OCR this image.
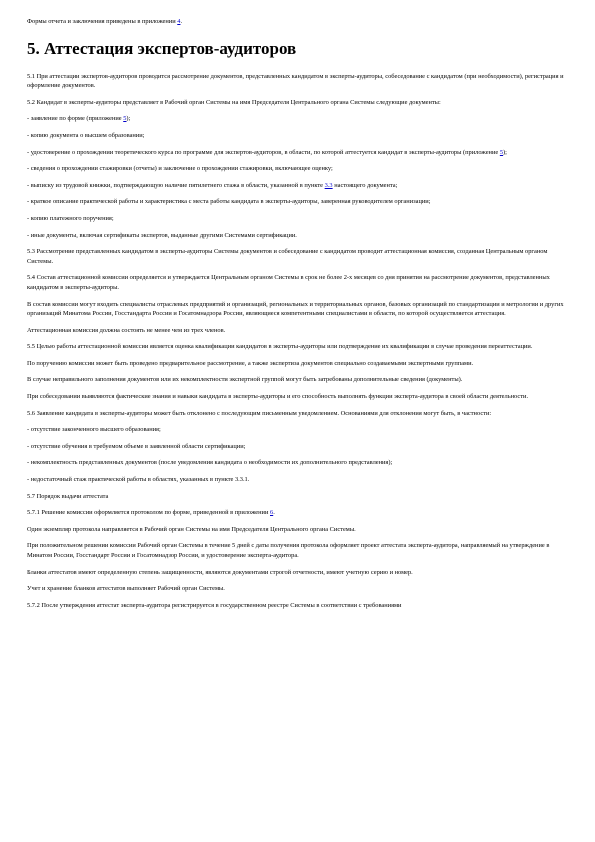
Формы отчета и заключения приведены в приложении 4.

5. Аттестация экспертов-аудиторов

5.1 При аттестации экспертов-аудиторов проводится рассмотрение документов, представленных кандидатом в эксперты-аудиторы, собеседование с кандидатом (при необходимости), регистрация и оформление документов.

5.2 Кандидат в эксперты-аудиторы представляет в Рабочий орган Системы на имя Председателя Центрального органа Системы следующие документы:

- заявление по форме (приложение 5);

- копию документа о высшем образовании;

- удостоверение о прохождении теоретического курса по программе для экспертов-аудиторов, в области, по которой аттестуется кандидат в эксперты-аудиторы (приложение 5);

- сведения о прохождении стажировки (отчеты) и заключение о прохождении стажировки, включающее оценку;

- выписку из трудовой книжки, подтверждающую наличие пятилетнего стажа в области, указанной в пункте 3.3 настоящего документа;

- краткое описание практической работы и характеристика с места работы кандидата в эксперты-аудиторы, заверенная руководителем организации;

- копию платежного поручения;

- иные документы, включая сертификаты экспертов, выданные другими Системами сертификации.

5.3 Рассмотрение представленных кандидатом в эксперты-аудиторы Системы документов и собеседование с кандидатом проводит аттестационная комиссия, созданная Центральным органом Системы.

5.4 Состав аттестационной комиссии определяется и утверждается Центральным органом Системы в срок не более 2-х месяцев со дня принятия на рассмотрение документов, представленных кандидатом в эксперты-аудиторы.

В состав комиссии могут входить специалисты отраслевых предприятий и организаций, региональных и территориальных органов, базовых организаций по стандартизации и метрологии и других организаций Минатома России, Госстандарта России и Госатомнадзора России, являющиеся компетентными специалистами в области, по которой осуществляется аттестация.

Аттестационная комиссия должна состоять не менее чем из трех членов.

5.5 Целью работы аттестационной комиссии является оценка квалификации кандидатов в эксперты-аудиторы или подтверждение их квалификации в случае проведения переаттестации.

По поручению комиссии может быть проведено предварительное рассмотрение, а также экспертиза документов специально создаваемыми экспертными группами.

В случае неправильного заполнения документов или их некомплектности экспертной группой могут быть затребованы дополнительные сведения (документы).

При собеседовании выявляются фактические знания и навыки кандидата в эксперты-аудиторы и его способность выполнять функции эксперта-аудитора в своей области деятельности.

5.6 Заявление кандидата в эксперты-аудиторы может быть отклонено с последующим письменным уведомлением. Основаниями для отклонения могут быть, в частности:

- отсутствие законченного высшего образования;

- отсутствие обучения в требуемом объеме в заявленной области сертификации;

- некомплектность представленных документов (после уведомления кандидата о необходимости их дополнительного представления);

- недостаточный стаж практической работы в областях, указанных в пункте 3.3.1.

5.7 Порядок выдачи аттестата

5.7.1 Решение комиссии оформляется протоколом по форме, приведенной в приложении 6.

Один экземпляр протокола направляется в Рабочий орган Системы на имя Председателя Центрального органа Системы.

При положительном решении комиссии Рабочий орган Системы в течение 5 дней с даты получения протокола оформляет проект аттестата эксперта-аудитора, направляемый на утверждение в Минатом России, Госстандарт России и Госатомнадзор России, и удостоверение эксперта-аудитора.

Бланки аттестатов имеют определенную степень защищенности, являются документами строгой отчетности, имеют учетную серию и номер.

Учет и хранение бланков аттестатов выполняет Рабочий орган Системы.

5.7.2 После утверждения аттестат эксперта-аудитора регистрируется в государственном реестре Системы в соответствии с требованиями
